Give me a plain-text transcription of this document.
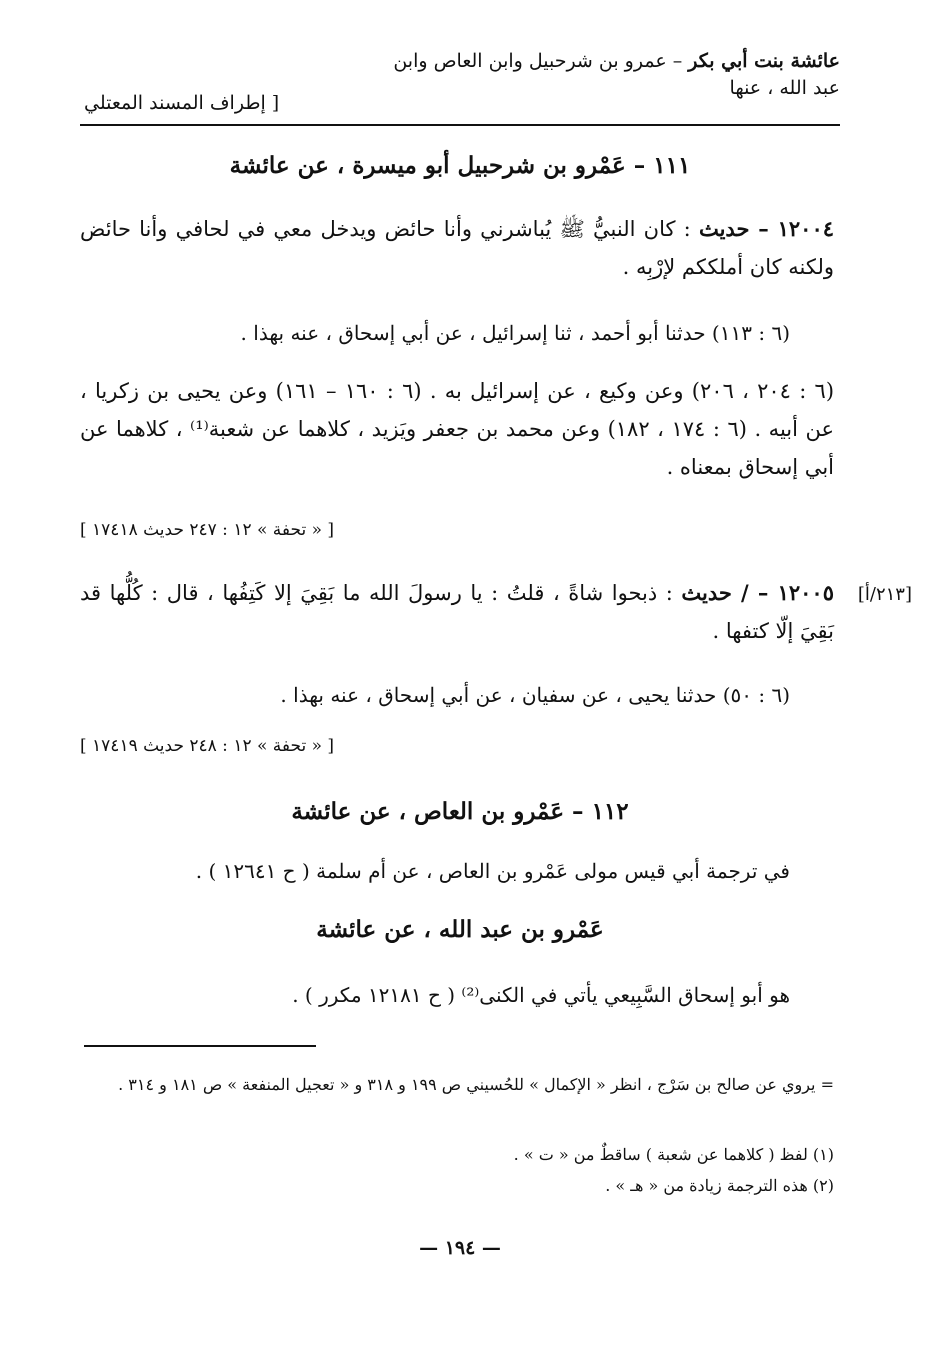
عائشة بنت أبي بكر – عمرو بن شرحبيل وابن العاص وابن
عبد الله ، عنها
[ إطراف المسند المعتلي
١١١ – عَمْرو بن شرحبيل أبو ميسرة ، عن عائشة
١٢٠٠٤ – حديث : كان النبيُّ ﷺ يُباشرني وأنا حائض ويدخل معي في لحافي وأنا حائض ولكنه كان أملككم لإرْبِه .
(٦ : ١١٣) حدثنا أبو أحمد ، ثنا إسرائيل ، عن أبي إسحاق ، عنه بهذا .
(٦ : ٢٠٤ ، ٢٠٦) وعن وكيع ، عن إسرائيل به . (٦ : ١٦٠ – ١٦١) وعن يحيى بن زكريا ، عن أبيه . (٦ : ١٧٤ ، ١٨٢) وعن محمد بن جعفر ويَزيد ، كلاهما عن شعبة⁽¹⁾ ، كلاهما عن أبي إسحاق بمعناه .
[ « تحفة » ١٢ : ٢٤٧ حديث ١٧٤١٨ ]
[٢١٣/أ]
١٢٠٠٥ – / حديث : ذبحوا شاةً ، قلتُ : يا رسولَ الله ما بَقِيَ إلا كَتِفُها ، قال : كُلُّها قد بَقِيَ إلّا كتفها .
(٦ : ٥٠) حدثنا يحيى ، عن سفيان ، عن أبي إسحاق ، عنه بهذا .
[ « تحفة » ١٢ : ٢٤٨ حديث ١٧٤١٩ ]
١١٢ – عَمْرو بن العاص ، عن عائشة
في ترجمة أبي قيس مولى عَمْرو بن العاص ، عن أم سلمة ( ح ١٢٦٤١ ) .
عَمْرو بن عبد الله ، عن عائشة
هو أبو إسحاق السَّبِيعي يأتي في الكنى⁽²⁾ ( ح ١٢١٨١ مكرر ) .
= يروي عن صالح بن سَرْج ، انظر « الإكمال » للحُسيني ص ١٩٩ و ٣١٨ و « تعجيل المنفعة » ص ١٨١ و ٣١٤ .
(١) لفظ ( كلاهما عن شعبة ) ساقطٌ من « ت » .
(٢) هذه الترجمة زيادة من « هـ » .
— ١٩٤ —
